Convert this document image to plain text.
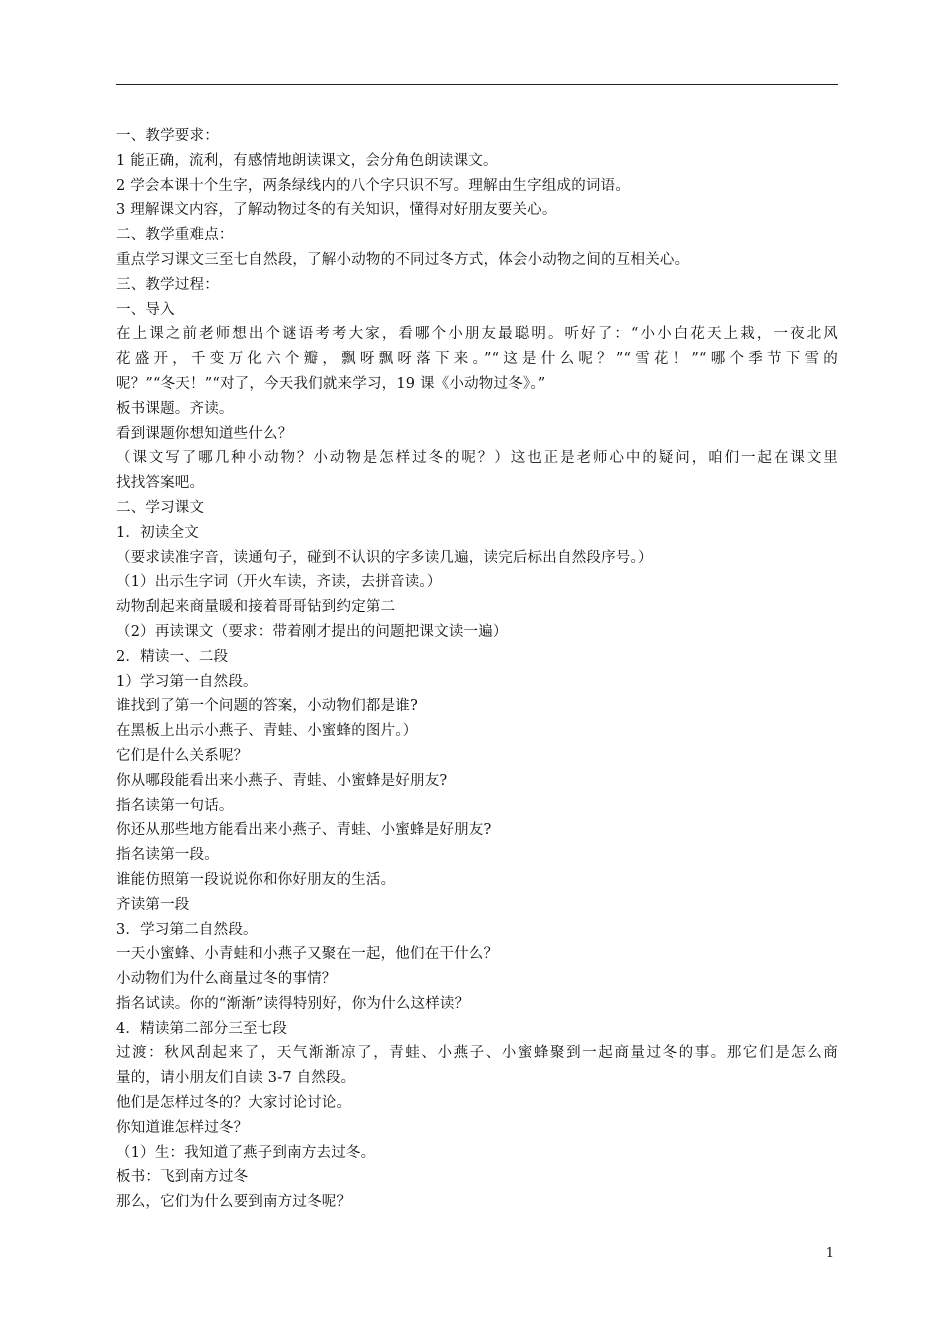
一、教学要求：
1 能正确，流利，有感情地朗读课文，会分角色朗读课文。
2 学会本课十个生字，两条绿线内的八个字只识不写。理解由生字组成的词语。
3 理解课文内容，了解动物过冬的有关知识，懂得对好朋友要关心。
二、教学重难点：
重点学习课文三至七自然段，了解小动物的不同过冬方式，体会小动物之间的互相关心。
三、教学过程：
一、导入
在上课之前老师想出个谜语考考大家，看哪个小朋友最聪明。听好了：“小小白花天上栽，一夜北风
花盛开，千变万化六个瓣，飘呀飘呀落下来。”“这是什么呢？”“雪花！”“哪个季节下雪的
呢？”“冬天！”“对了，今天我们就来学习，19 课《小动物过冬》。”
板书课题。齐读。
看到课题你想知道些什么？
（课文写了哪几种小动物？小动物是怎样过冬的呢？）这也正是老师心中的疑问，咱们一起在课文里
找找答案吧。
二、学习课文
1．初读全文
（要求读准字音，读通句子，碰到不认识的字多读几遍，读完后标出自然段序号。）
（1）出示生字词（开火车读，齐读，去拼音读。）
动物刮起来商量暖和接着哥哥钻到约定第二
（2）再读课文（要求：带着刚才提出的问题把课文读一遍）
2．精读一、二段
1）学习第一自然段。
谁找到了第一个问题的答案，小动物们都是谁?
在黑板上出示小燕子、青蛙、小蜜蜂的图片。）
它们是什么关系呢？
你从哪段能看出来小燕子、青蛙、小蜜蜂是好朋友?
指名读第一句话。
你还从那些地方能看出来小燕子、青蛙、小蜜蜂是好朋友?
指名读第一段。
谁能仿照第一段说说你和你好朋友的生活。
齐读第一段
3．学习第二自然段。
一天小蜜蜂、小青蛙和小燕子又聚在一起，他们在干什么？
小动物们为什么商量过冬的事情？
指名试读。你的“渐渐”读得特别好，你为什么这样读？
4．精读第二部分三至七段
过渡：秋风刮起来了，天气渐渐凉了，青蛙、小燕子、小蜜蜂聚到一起商量过冬的事。那它们是怎么商
量的，请小朋友们自读 3-7 自然段。
他们是怎样过冬的？大家讨论讨论。
你知道谁怎样过冬？
（1）生：我知道了燕子到南方去过冬。
板书：飞到南方过冬
那么，它们为什么要到南方过冬呢？
1
